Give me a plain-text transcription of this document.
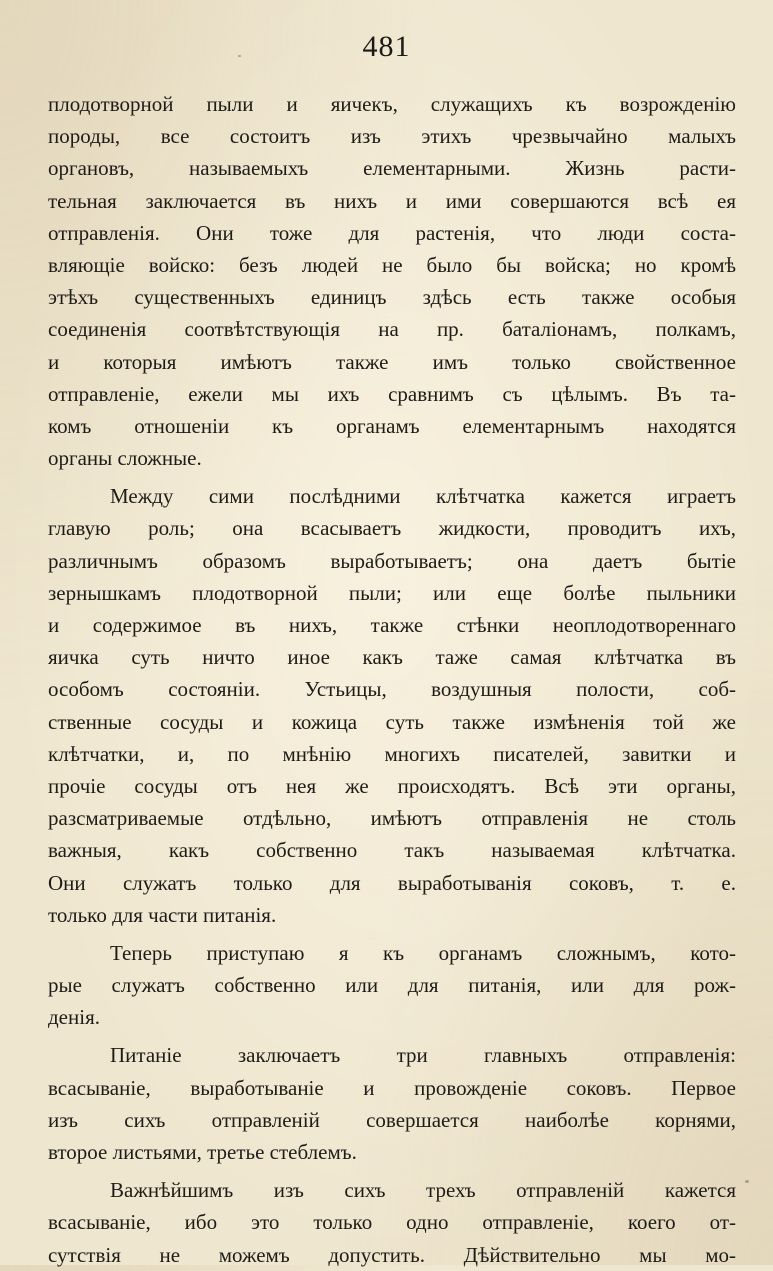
481
плодотворной пыли и яичекъ, служащихъ къ возрожденію
породы, все состоитъ изъ этихъ чрезвычайно малыхъ
органовъ, называемыхъ елементарными. Жизнь расти-
тельная заключается въ нихъ и ими совершаются всѣ ея
отправленія. Они тоже для растенія, что люди соста-
вляющіе войско: безъ людей не было бы войска; но кромѣ
этѣхъ существенныхъ единицъ здѣсь есть также особыя
соединенія соотвѣтствующія на пр. баталіонамъ, полкамъ,
и которыя имѣютъ также имъ только свойственное
отправленіе, ежели мы ихъ сравнимъ съ цѣлымъ. Въ та-
комъ отношеніи къ органамъ елементарнымъ находятся
органы сложные.
Между сими послѣдними клѣтчатка кажется играетъ
главую роль; она всасываетъ жидкости, проводитъ ихъ,
различнымъ образомъ выработываетъ; она даетъ бытіе
зернышкамъ плодотворной пыли; или еще болѣе пыльники
и содержимое въ нихъ, также стѣнки неоплодотвореннаго
яичка суть ничто иное какъ таже самая клѣтчатка въ
особомъ состояніи. Устьицы, воздушныя полости, соб-
ственные сосуды и кожица суть также измѣненія той же
клѣтчатки, и, по мнѣнію многихъ писателей, завитки и
прочіе сосуды отъ нея же происходятъ. Всѣ эти органы,
разсматриваемые отдѣльно, имѣютъ отправленія не столь
важныя, какъ собственно такъ называемая клѣтчатка.
Они служатъ только для выработыванія соковъ, т. е.
только для части питанія.
Теперь приступаю я къ органамъ сложнымъ, кото-
рые служатъ собственно или для питанія, или для рож-
денія.
Питаніе заключаетъ три главныхъ отправленія:
всасываніе, выработываніе и провожденіе соковъ. Первое
изъ сихъ отправленій совершается наиболѣе корнями,
второе листьями, третье стеблемъ.
Важнѣйшимъ изъ сихъ трехъ отправленій кажется
всасываніе, ибо это только одно отправленіе, коего от-
сутствія не можемъ допустить. Дѣйствительно мы мо-
